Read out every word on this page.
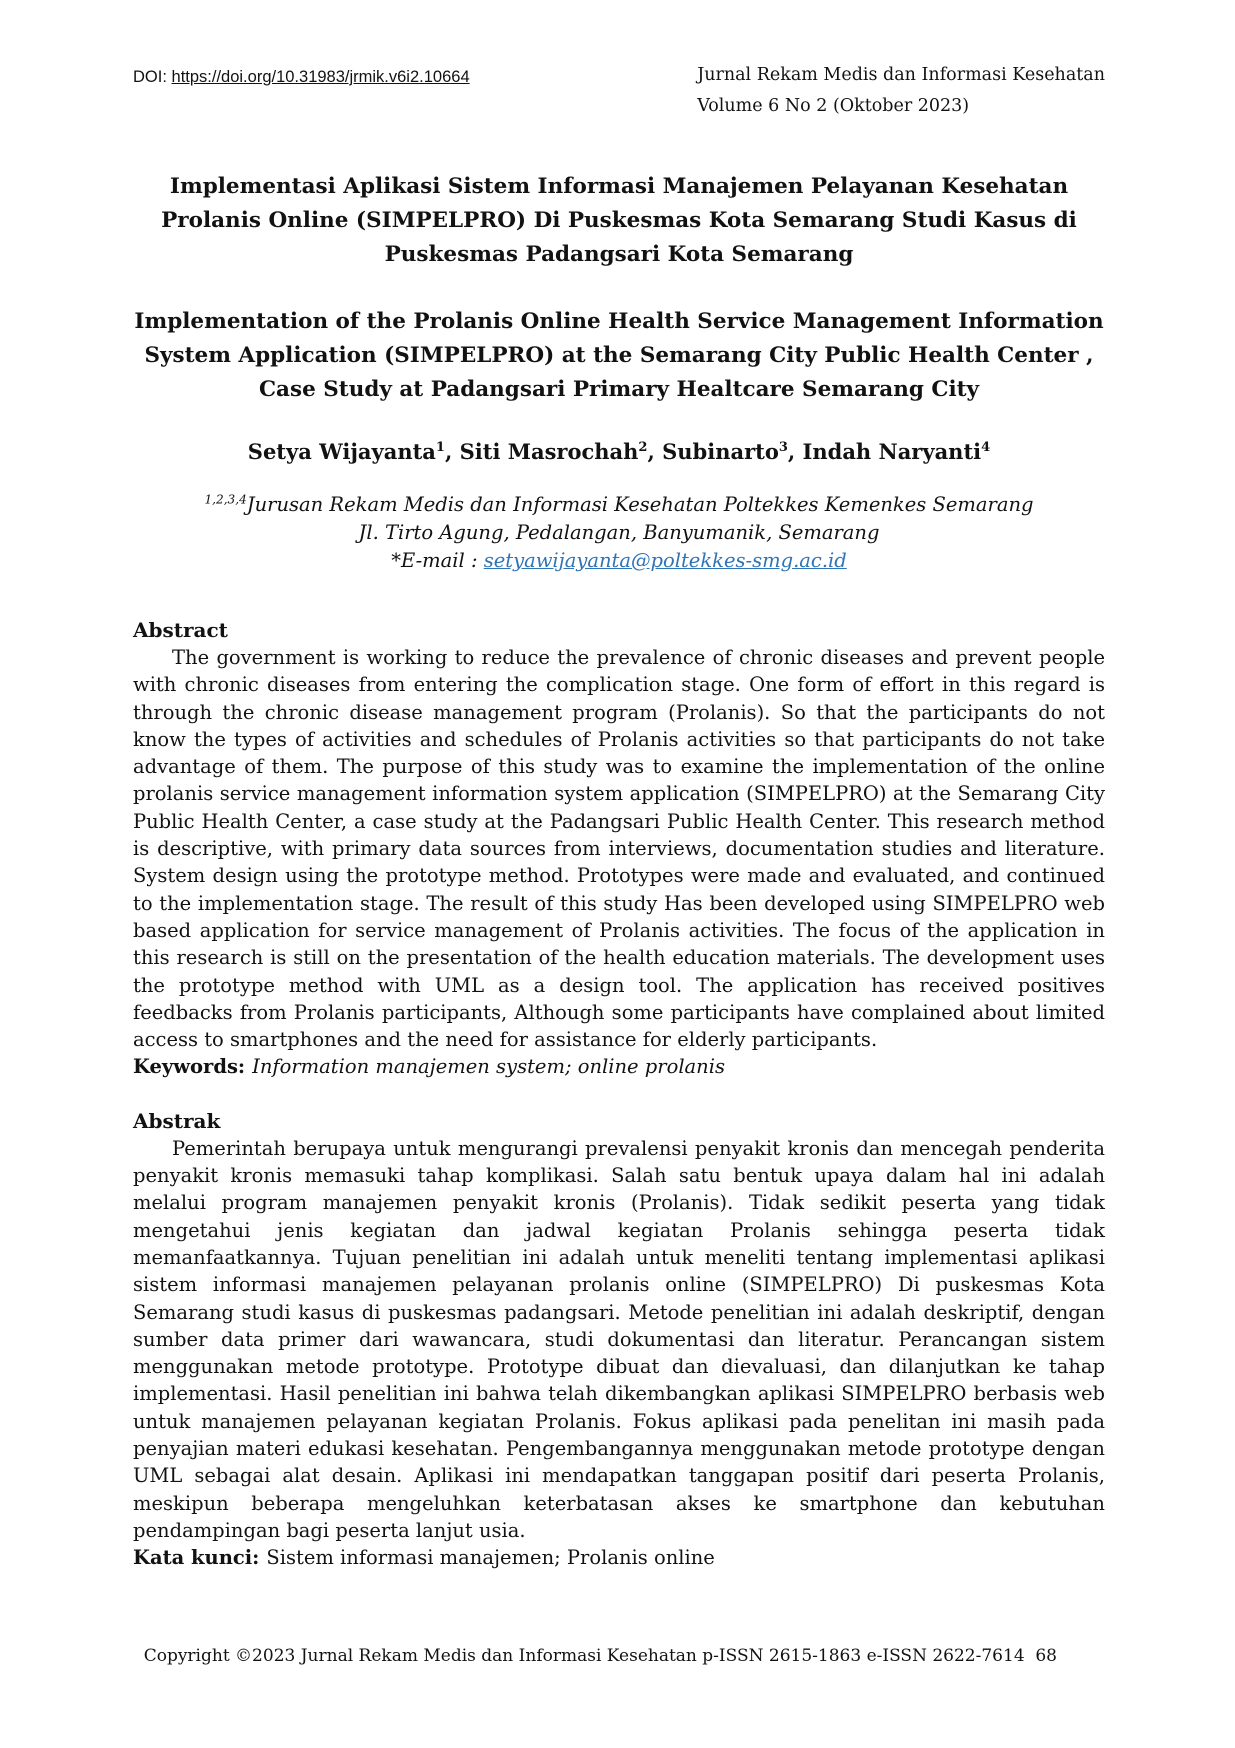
DOI: https://doi.org/10.31983/jrmik.v6i2.10664	Jurnal Rekam Medis dan Informasi Kesehatan
Volume 6 No 2 (Oktober 2023)
Implementasi Aplikasi Sistem Informasi Manajemen Pelayanan Kesehatan Prolanis Online (SIMPELPRO) Di Puskesmas Kota Semarang Studi Kasus di Puskesmas Padangsari Kota Semarang
Implementation of the Prolanis Online Health Service Management Information System Application (SIMPELPRO) at the Semarang City Public Health Center , Case Study at Padangsari Primary Healtcare Semarang City
Setya Wijayanta$^1$, Siti Masrochah$^2$, Subinarto$^3$, Indah Naryanti$^4$
$^{1,2,3,4}$Jurusan Rekam Medis dan Informasi Kesehatan Poltekkes Kemenkes Semarang
Jl. Tirto Agung, Pedalangan, Banyumanik, Semarang
*E-mail : setyawijayanta@poltekkes-smg.ac.id
Abstract

The government is working to reduce the prevalence of chronic diseases and prevent people with chronic diseases from entering the complication stage. One form of effort in this regard is through the chronic disease management program (Prolanis). So that the participants do not know the types of activities and schedules of Prolanis activities so that participants do not take advantage of them. The purpose of this study was to examine the implementation of the online prolanis service management information system application (SIMPELPRO) at the Semarang City Public Health Center, a case study at the Padangsari Public Health Center. This research method is descriptive, with primary data sources from interviews, documentation studies and literature. System design using the prototype method. Prototypes were made and evaluated, and continued to the implementation stage. The result of this study Has been developed using SIMPELPRO web based application for service management of Prolanis activities. The focus of the application in this research is still on the presentation of the health education materials. The development uses the prototype method with UML as a design tool. The application has received positives feedbacks from Prolanis participants, Although some participants have complained about limited access to smartphones and the need for assistance for elderly participants.

Keywords: Information manajemen system; online prolanis
Abstrak

Pemerintah berupaya untuk mengurangi prevalensi penyakit kronis dan mencegah penderita penyakit kronis memasuki tahap komplikasi. Salah satu bentuk upaya dalam hal ini adalah melalui program manajemen penyakit kronis (Prolanis). Tidak sedikit peserta yang tidak mengetahui jenis kegiatan dan jadwal kegiatan Prolanis sehingga peserta tidak memanfaatkannya. Tujuan penelitian ini adalah untuk meneliti tentang implementasi aplikasi sistem informasi manajemen pelayanan prolanis online (SIMPELPRO) Di puskesmas Kota Semarang studi kasus di puskesmas padangsari. Metode penelitian ini adalah deskriptif, dengan sumber data primer dari wawancara, studi dokumentasi dan literatur. Perancangan sistem menggunakan metode prototype. Prototype dibuat dan dievaluasi, dan dilanjutkan ke tahap implementasi. Hasil penelitian ini bahwa telah dikembangkan aplikasi SIMPELPRO berbasis web untuk manajemen pelayanan kegiatan Prolanis. Fokus aplikasi pada penelitan ini masih pada penyajian materi edukasi kesehatan. Pengembangannya menggunakan metode prototype dengan UML sebagai alat desain. Aplikasi ini mendapatkan tanggapan positif dari peserta Prolanis, meskipun beberapa mengeluhkan keterbatasan akses ke smartphone dan kebutuhan pendampingan bagi peserta lanjut usia.

Kata kunci: Sistem informasi manajemen; Prolanis online
Copyright ©2023 Jurnal Rekam Medis dan Informasi Kesehatan p-ISSN 2615-1863 e-ISSN 2622-7614 68
